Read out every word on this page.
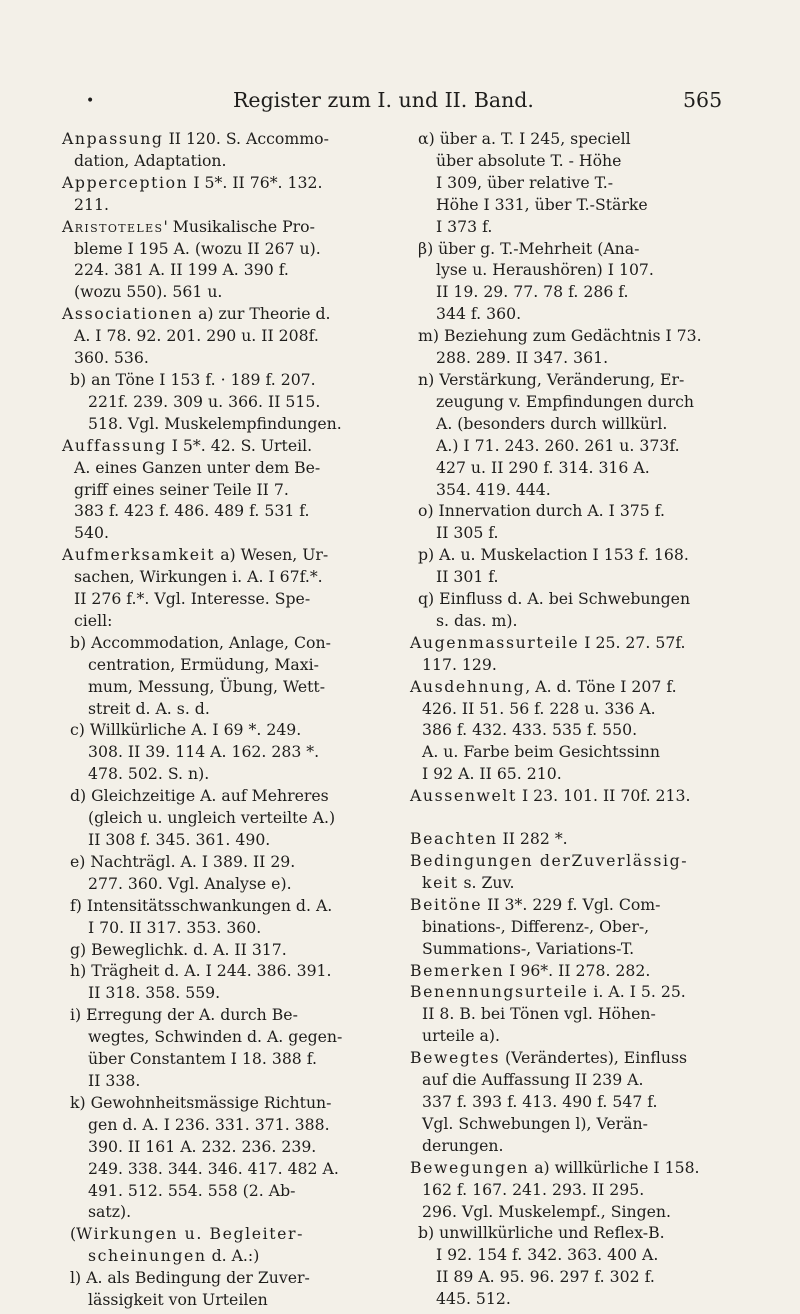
•	Register zum I. und II. Band.	565
Anpassung II 120. S. Accommo-
dation, Adaptation.
Apperception I 5*. II 76*. 132.
211.
Aristoteles' Musikalische Pro-
bleme I 195 A. (wozu II 267 u).
224. 381 A. II 199 A. 390 f.
(wozu 550). 561 u.
Associationen a) zur Theorie d.
A. I 78. 92. 201. 290 u. II 208f.
360. 536.
b) an Töne I 153 f. · 189 f. 207.
221f. 239. 309 u. 366. II 515.
518. Vgl. Muskelempfindungen.
Auffassung I 5*. 42. S. Urteil.
A. eines Ganzen unter dem Be-
griff eines seiner Teile II 7.
383 f. 423 f. 486. 489 f. 531 f.
540.
Aufmerksamkeit a) Wesen, Ur-
sachen, Wirkungen i. A. I 67f.*.
II 276 f.*. Vgl. Interesse. Spe-
ciell:
b) Accommodation, Anlage, Con-
centration, Ermüdung, Maxi-
mum, Messung, Übung, Wett-
streit d. A. s. d.
c) Willkürliche A. I 69 *. 249.
308. II 39. 114 A. 162. 283 *.
478. 502. S. n).
d) Gleichzeitige A. auf Mehreres
(gleich u. ungleich verteilte A.)
II 308 f. 345. 361. 490.
e) Nachträgl. A. I 389. II 29.
277. 360. Vgl. Analyse e).
f) Intensitätsschwankungen d. A.
I 70. II 317. 353. 360.
g) Beweglichk. d. A. II 317.
h) Trägheit d. A. I 244. 386. 391.
II 318. 358. 559.
i) Erregung der A. durch Be-
wegtes, Schwinden d. A. gegen-
über Constantem I 18. 388 f.
II 338.
k) Gewohnheitsmässige Richtun-
gen d. A. I 236. 331. 371. 388.
390. II 161 A. 232. 236. 239.
249. 338. 344. 346. 417. 482 A.
491. 512. 554. 558 (2. Ab-
satz).
(Wirkungen u. Begleiter-
scheinungen d. A.:)
l) A. als Bedingung der Zuver-
lässigkeit von Urteilen
α) über a. T. I 245, speciell
über absolute T. - Höhe
I 309, über relative T.-
Höhe I 331, über T.-Stärke
I 373 f.
β) über g. T.-Mehrheit (Ana-
lyse u. Heraushören) I 107.
II 19. 29. 77. 78 f. 286 f.
344 f. 360.
m) Beziehung zum Gedächtnis I 73.
288. 289. II 347. 361.
n) Verstärkung, Veränderung, Er-
zeugung v. Empfindungen durch
A. (besonders durch willkürl.
A.) I 71. 243. 260. 261 u. 373f.
427 u. II 290 f. 314. 316 A.
354. 419. 444.
o) Innervation durch A. I 375 f.
II 305 f.
p) A. u. Muskelaction I 153 f. 168.
II 301 f.
q) Einfluss d. A. bei Schwebungen
s. das. m).
Augenmassurteile I 25. 27. 57f.
117. 129.
Ausdehnung, A. d. Töne I 207 f.
426. II 51. 56 f. 228 u. 336 A.
386 f. 432. 433. 535 f. 550.
A. u. Farbe beim Gesichtssinn
I 92 A. II 65. 210.
Aussenwelt I 23. 101. II 70f. 213.
Beachten II 282 *.
Bedingungen derZuverlässig-
keit s. Zuv.
Beitöne II 3*. 229 f. Vgl. Com-
binations-, Differenz-, Ober-,
Summations-, Variations-T.
Bemerken I 96*. II 278. 282.
Benennungsurteile i. A. I 5. 25.
II 8. B. bei Tönen vgl. Höhen-
urteile a).
Bewegtes (Verändertes), Einfluss
auf die Auffassung II 239 A.
337 f. 393 f. 413. 490 f. 547 f.
Vgl. Schwebungen l), Verän-
derungen.
Bewegungen a) willkürliche I 158.
162 f. 167. 241. 293. II 295.
296. Vgl. Muskelempf., Singen.
b) unwillkürliche und Reflex-B.
I 92. 154 f. 342. 363. 400 A.
II 89 A. 95. 96. 297 f. 302 f.
445. 512.
